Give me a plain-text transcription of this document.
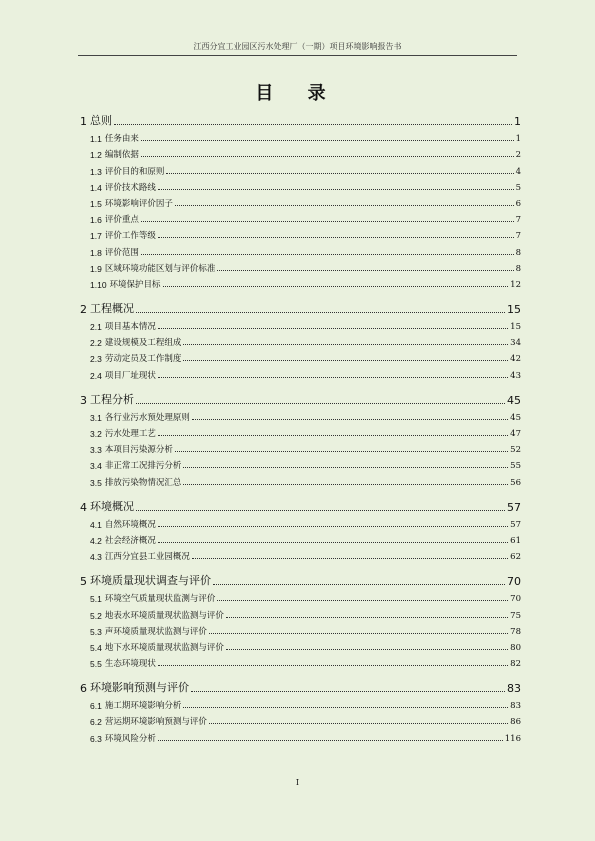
江西分宜工业园区污水处理厂（一期）项目环境影响报告书
目 录
1 总则	1
1.1 任务由来	1
1.2 编制依据	2
1.3 评价目的和原则	4
1.4 评价技术路线	5
1.5 环境影响评价因子	6
1.6 评价重点	7
1.7 评价工作等级	7
1.8 评价范围	8
1.9 区域环境功能区划与评价标准	8
1.10 环境保护目标	12
2 工程概况	15
2.1 项目基本情况	15
2.2 建设规模及工程组成	34
2.3 劳动定员及工作制度	42
2.4 项目厂址现状	43
3 工程分析	45
3.1 各行业污水预处理原则	45
3.2 污水处理工艺	47
3.3 本项目污染源分析	52
3.4 非正常工况排污分析	55
3.5 排放污染物情况汇总	56
4 环境概况	57
4.1 自然环境概况	57
4.2 社会经济概况	61
4.3 江西分宜县工业园概况	62
5 环境质量现状调查与评价	70
5.1 环境空气质量现状监测与评价	70
5.2 地表水环境质量现状监测与评价	75
5.3 声环境质量现状监测与评价	78
5.4 地下水环境质量现状监测与评价	80
5.5 生态环境现状	82
6 环境影响预测与评价	83
6.1 施工期环境影响分析	83
6.2 营运期环境影响预测与评价	86
6.3 环境风险分析	116
I
